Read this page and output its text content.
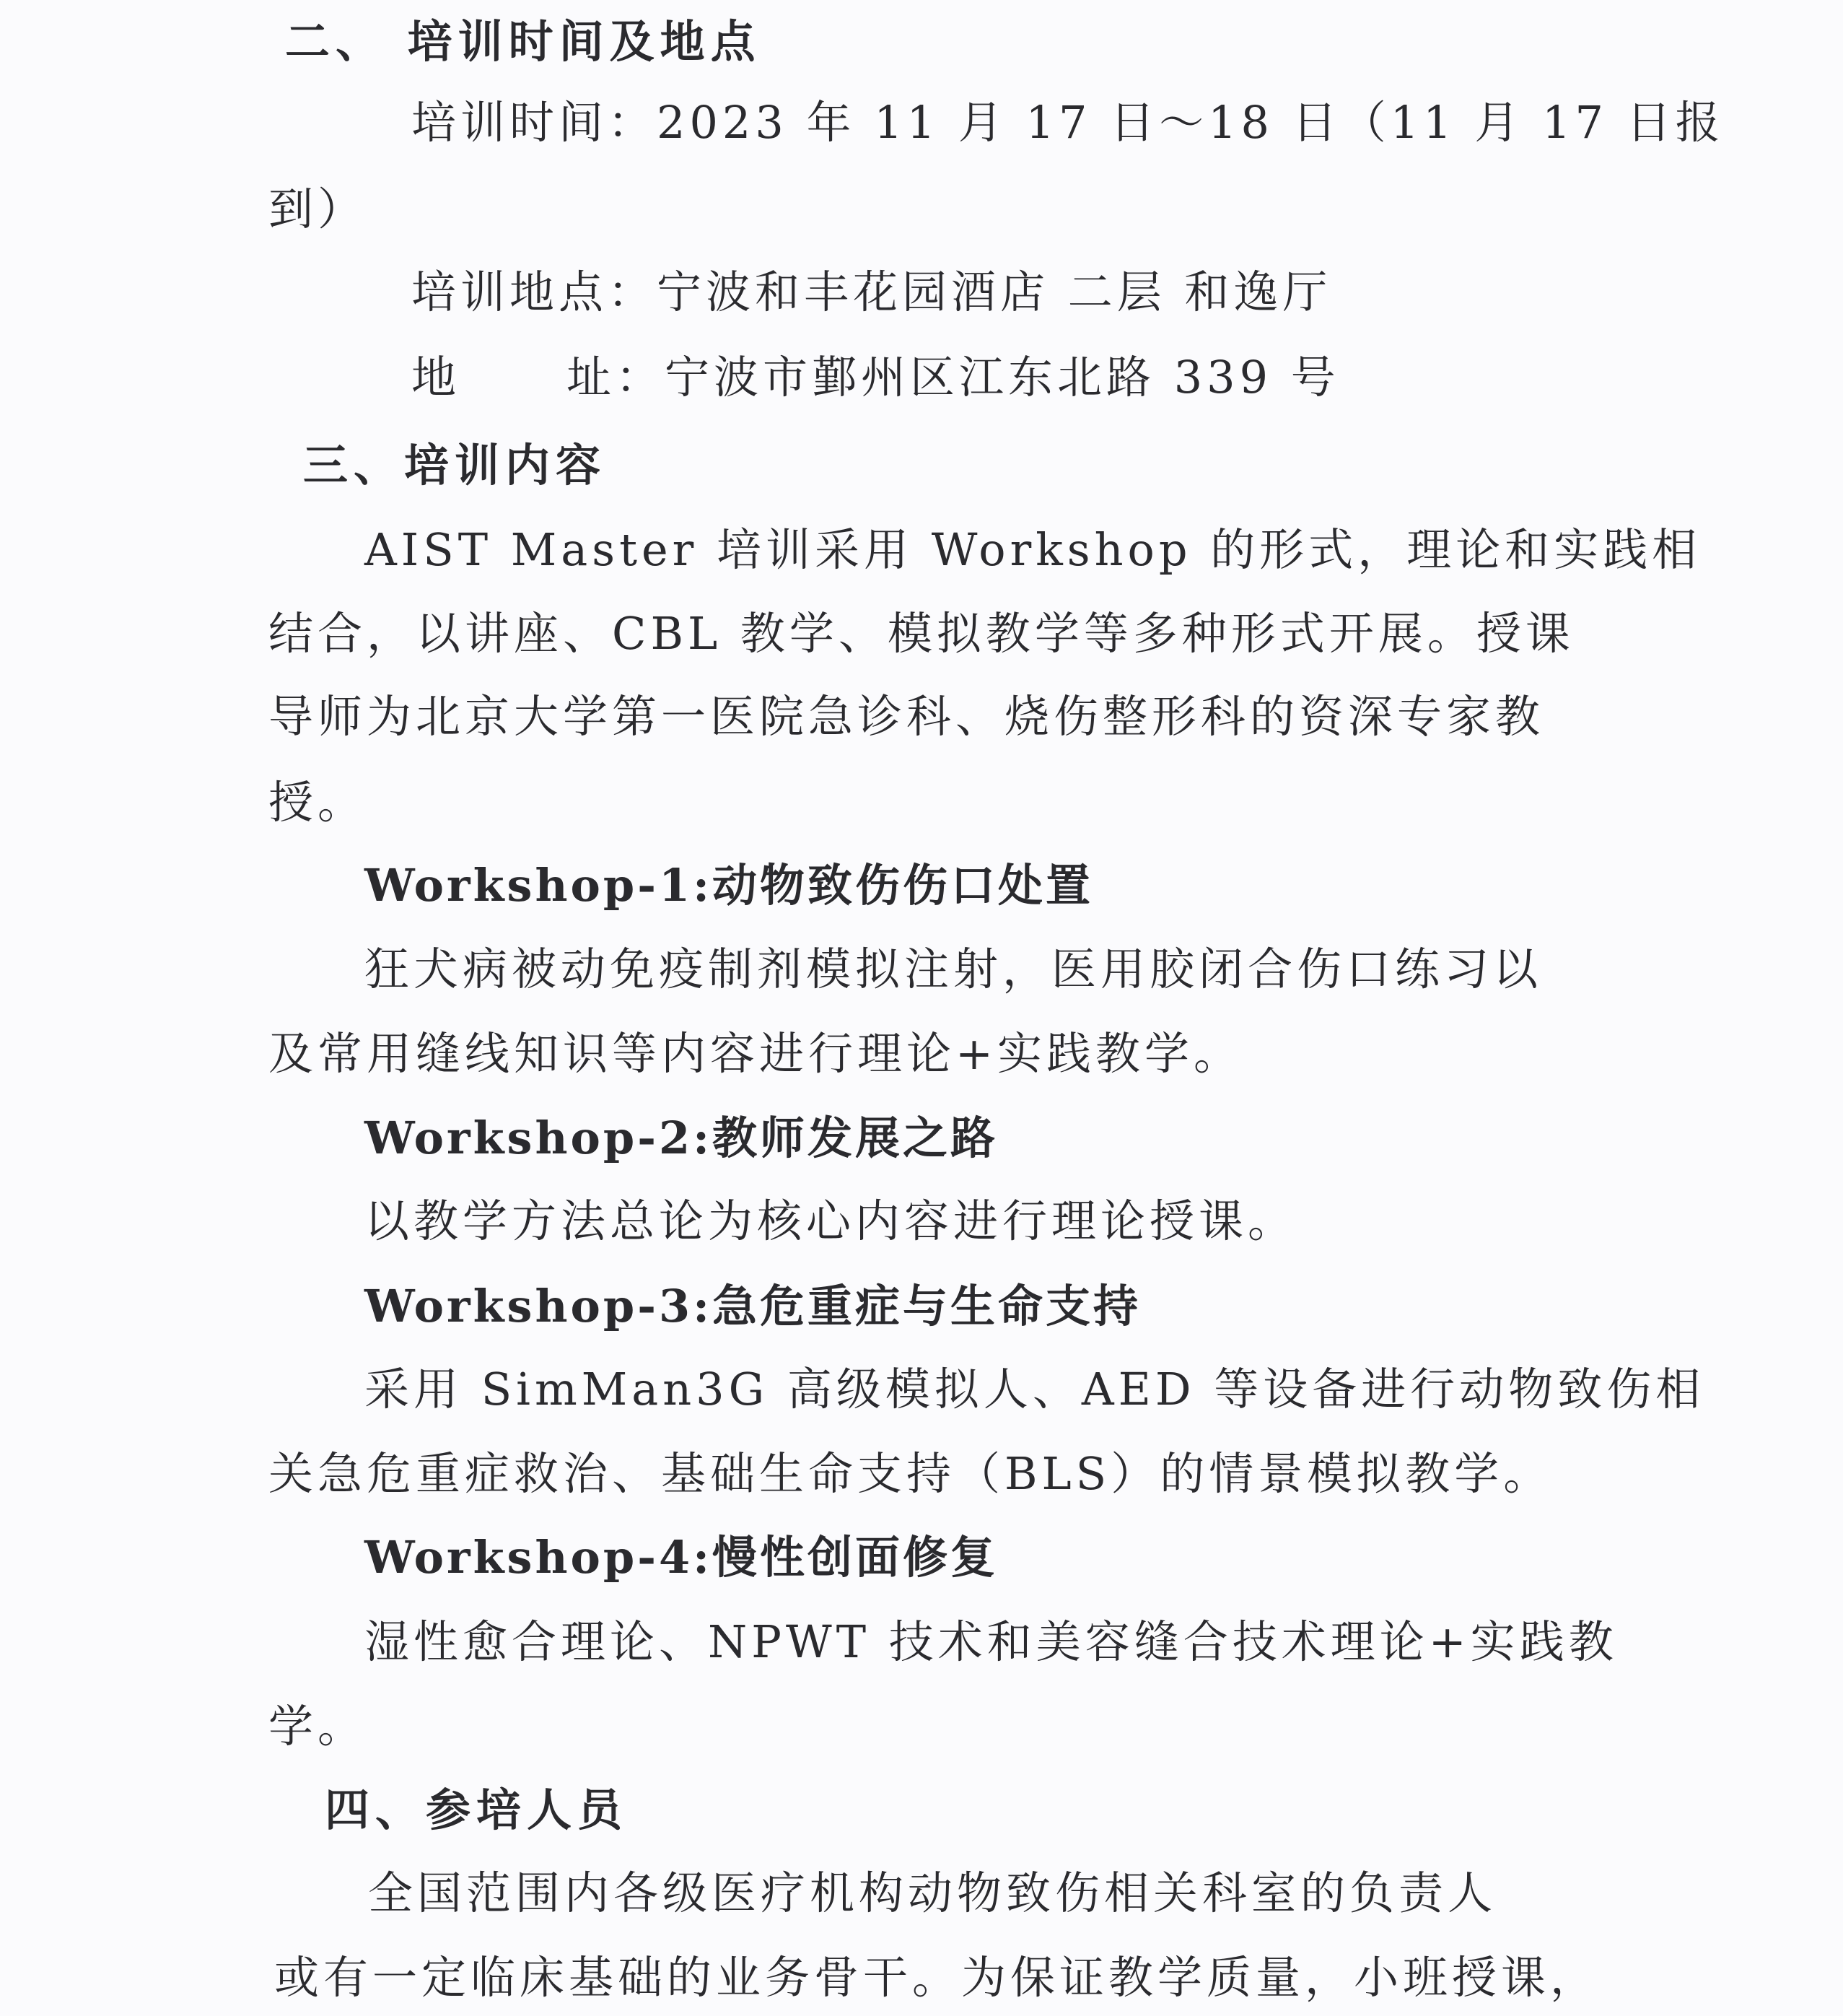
二、 培训时间及地点
培训时间：2023 年 11 月 17 日～18 日（11 月 17 日报
到）
培训地点：宁波和丰花园酒店 二层 和逸厅
地 址：宁波市鄞州区江东北路 339 号
三、培训内容
AIST Master 培训采用 Workshop 的形式，理论和实践相
结合，以讲座、CBL 教学、模拟教学等多种形式开展。授课
导师为北京大学第一医院急诊科、烧伤整形科的资深专家教
授。
Workshop-1:动物致伤伤口处置
狂犬病被动免疫制剂模拟注射，医用胶闭合伤口练习以
及常用缝线知识等内容进行理论+实践教学。
Workshop-2:教师发展之路
以教学方法总论为核心内容进行理论授课。
Workshop-3:急危重症与生命支持
采用 SimMan3G 高级模拟人、AED 等设备进行动物致伤相
关急危重症救治、基础生命支持（BLS）的情景模拟教学。
Workshop-4:慢性创面修复
湿性愈合理论、NPWT 技术和美容缝合技术理论+实践教
学。
四、参培人员
全国范围内各级医疗机构动物致伤相关科室的负责人
或有一定临床基础的业务骨干。为保证教学质量，小班授课，
